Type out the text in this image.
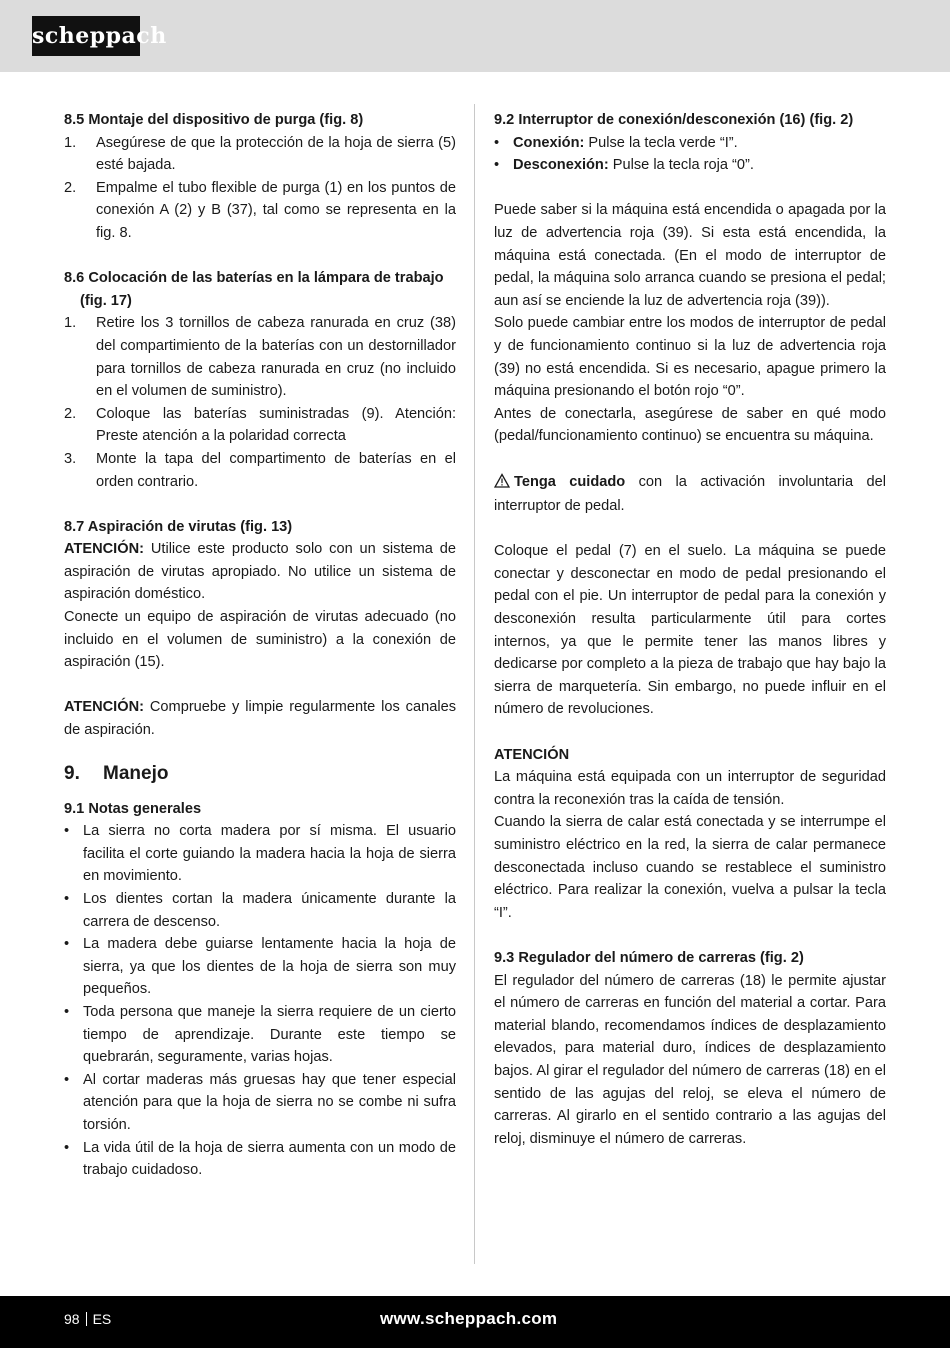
scheppach
8.5 Montaje del dispositivo de purga (fig. 8)
1. Asegúrese de que la protección de la hoja de sierra (5) esté bajada.
2. Empalme el tubo flexible de purga (1) en los puntos de conexión A (2) y B (37), tal como se representa en la fig. 8.
8.6 Colocación de las baterías en la lámpara de trabajo (fig. 17)
1. Retire los 3 tornillos de cabeza ranurada en cruz (38) del compartimiento de la baterías con un destornillador para tornillos de cabeza ranurada en cruz (no incluido en el volumen de suministro).
2. Coloque las baterías suministradas (9). Atención: Preste atención a la polaridad correcta
3. Monte la tapa del compartimento de baterías en el orden contrario.
8.7 Aspiración de virutas (fig. 13)

ATENCIÓN: Utilice este producto solo con un sistema de aspiración de virutas apropiado. No utilice un sistema de aspiración doméstico.

Conecte un equipo de aspiración de virutas adecuado (no incluido en el volumen de suministro) a la conexión de aspiración (15).

ATENCIÓN: Compruebe y limpie regularmente los canales de aspiración.

9. Manejo
9.1 Notas generales
• La sierra no corta madera por sí misma. El usuario facilita el corte guiando la madera hacia la hoja de sierra en movimiento.
• Los dientes cortan la madera únicamente durante la carrera de descenso.
• La madera debe guiarse lentamente hacia la hoja de sierra, ya que los dientes de la hoja de sierra son muy pequeños.
• Toda persona que maneje la sierra requiere de un cierto tiempo de aprendizaje. Durante este tiempo se quebrarán, seguramente, varias hojas.
• Al cortar maderas más gruesas hay que tener especial atención para que la hoja de sierra no se combe ni sufra torsión.
• La vida útil de la hoja de sierra aumenta con un modo de trabajo cuidadoso.
9.2 Interruptor de conexión/desconexión (16) (fig. 2)
• Conexión: Pulse la tecla verde “I”.
• Desconexión: Pulse la tecla roja “0”.

Puede saber si la máquina está encendida o apagada por la luz de advertencia roja (39). Si esta está encendida, la máquina está conectada. (En el modo de interruptor de pedal, la máquina solo arranca cuando se presiona el pedal; aun así se enciende la luz de advertencia roja (39)).

Solo puede cambiar entre los modos de interruptor de pedal y de funcionamiento continuo si la luz de advertencia roja (39) no está encendida. Si es necesario, apague primero la máquina presionando el botón rojo “0”.

Antes de conectarla, asegúrese de saber en qué modo (pedal/funcionamiento continuo) se encuentra su máquina.

Tenga cuidado con la activación involuntaria del interruptor de pedal.

Coloque el pedal (7) en el suelo. La máquina se puede conectar y desconectar en modo de pedal presionando el pedal con el pie. Un interruptor de pedal para la conexión y desconexión resulta particularmente útil para cortes internos, ya que le permite tener las manos libres y dedicarse por completo a la pieza de trabajo que hay bajo la sierra de marquetería. Sin embargo, no puede influir en el número de revoluciones.

ATENCIÓN

La máquina está equipada con un interruptor de seguridad contra la reconexión tras la caída de tensión.

Cuando la sierra de calar está conectada y se interrumpe el suministro eléctrico en la red, la sierra de calar permanece desconectada incluso cuando se restablece el suministro eléctrico. Para realizar la conexión, vuelva a pulsar la tecla “I”.

9.3 Regulador del número de carreras (fig. 2)

El regulador del número de carreras (18) le permite ajustar el número de carreras en función del material a cortar. Para material blando, recomendamos índices de desplazamiento elevados, para material duro, índices de desplazamiento bajos. Al girar el regulador del número de carreras (18) en el sentido de las agujas del reloj, se eleva el número de carreras. Al girarlo en el sentido contrario a las agujas del reloj, disminuye el número de carreras.

98 ES	www.scheppach.com
